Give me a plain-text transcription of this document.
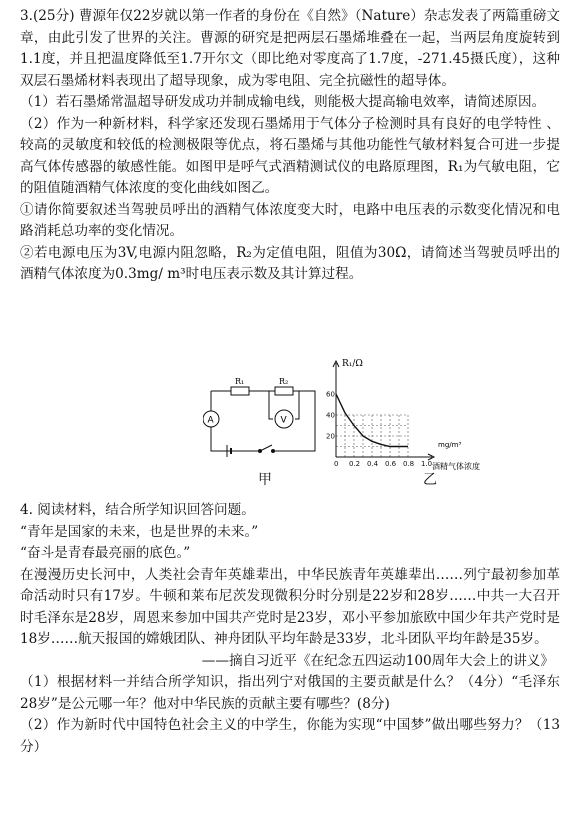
3.(25分) 曹源年仅22岁就以第一作者的身份在《自然》（Nature）杂志发表了两篇重磅文章，由此引发了世界的关注。曹源的研究是把两层石墨烯堆叠在一起，当两层角度旋转到1.1度，并且把温度降低至1.7开尔文（即比绝对零度高了1.7度，-271.45摄氏度），这种双层石墨烯材料表现出了超导现象，成为零电阻、完全抗磁性的超导体。

（1）若石墨烯常温超导研发成功并制成输电线，则能极大提高输电效率，请简述原因。

（2）作为一种新材料，科学家还发现石墨烯用于气体分子检测时具有良好的电学特性 、较高的灵敏度和较低的检测极限等优点，将石墨烯与其他功能性气敏材料复合可进一步提高气体传感器的敏感性能。如图甲是呼气式酒精测试仪的电路原理图，R₁为气敏电阻，它的阻值随酒精气体浓度的变化曲线如图乙。

①请你简要叙述当驾驶员呼出的酒精气体浓度变大时，电路中电压表的示数变化情况和电路消耗总功率的变化情况。

②若电源电压为3V,电源内阻忽略，R₂为定值电阻，阻值为30Ω，请简述当驾驶员呼出的酒精气体浓度为0.3mg/ m³时电压表示数及其计算过程。

R₁	R₂
V
A
甲
0 0.2 0.4 0.6 0.8 1.0
20
40
60
R₁/Ω
mg/m³
酒精气体浓度
乙

4. 阅读材料，结合所学知识回答问题。

“青年是国家的未来，也是世界的未来。”

“奋斗是青春最亮丽的底色。”

在漫漫历史长河中，人类社会青年英雄辈出，中华民族青年英雄辈出……列宁最初参加革命活动时只有17岁。牛顿和莱布尼茨发现微积分时分别是22岁和28岁……中共一大召开时毛泽东是28岁，周恩来参加中国共产党时是23岁，邓小平参加旅欧中国少年共产党时是18岁……航天报国的嫦娥团队、神舟团队平均年龄是33岁，北斗团队平均年龄是35岁。

——摘自习近平《在纪念五四运动100周年大会上的讲义》

（1）根据材料一并结合所学知识，指出列宁对俄国的主要贡献是什么？（4分）“毛泽东 28岁”是公元哪一年？他对中华民族的贡献主要有哪些？(8分)

（2）作为新时代中国特色社会主义的中学生，你能为实现“中国梦”做出哪些努力？（13分）
